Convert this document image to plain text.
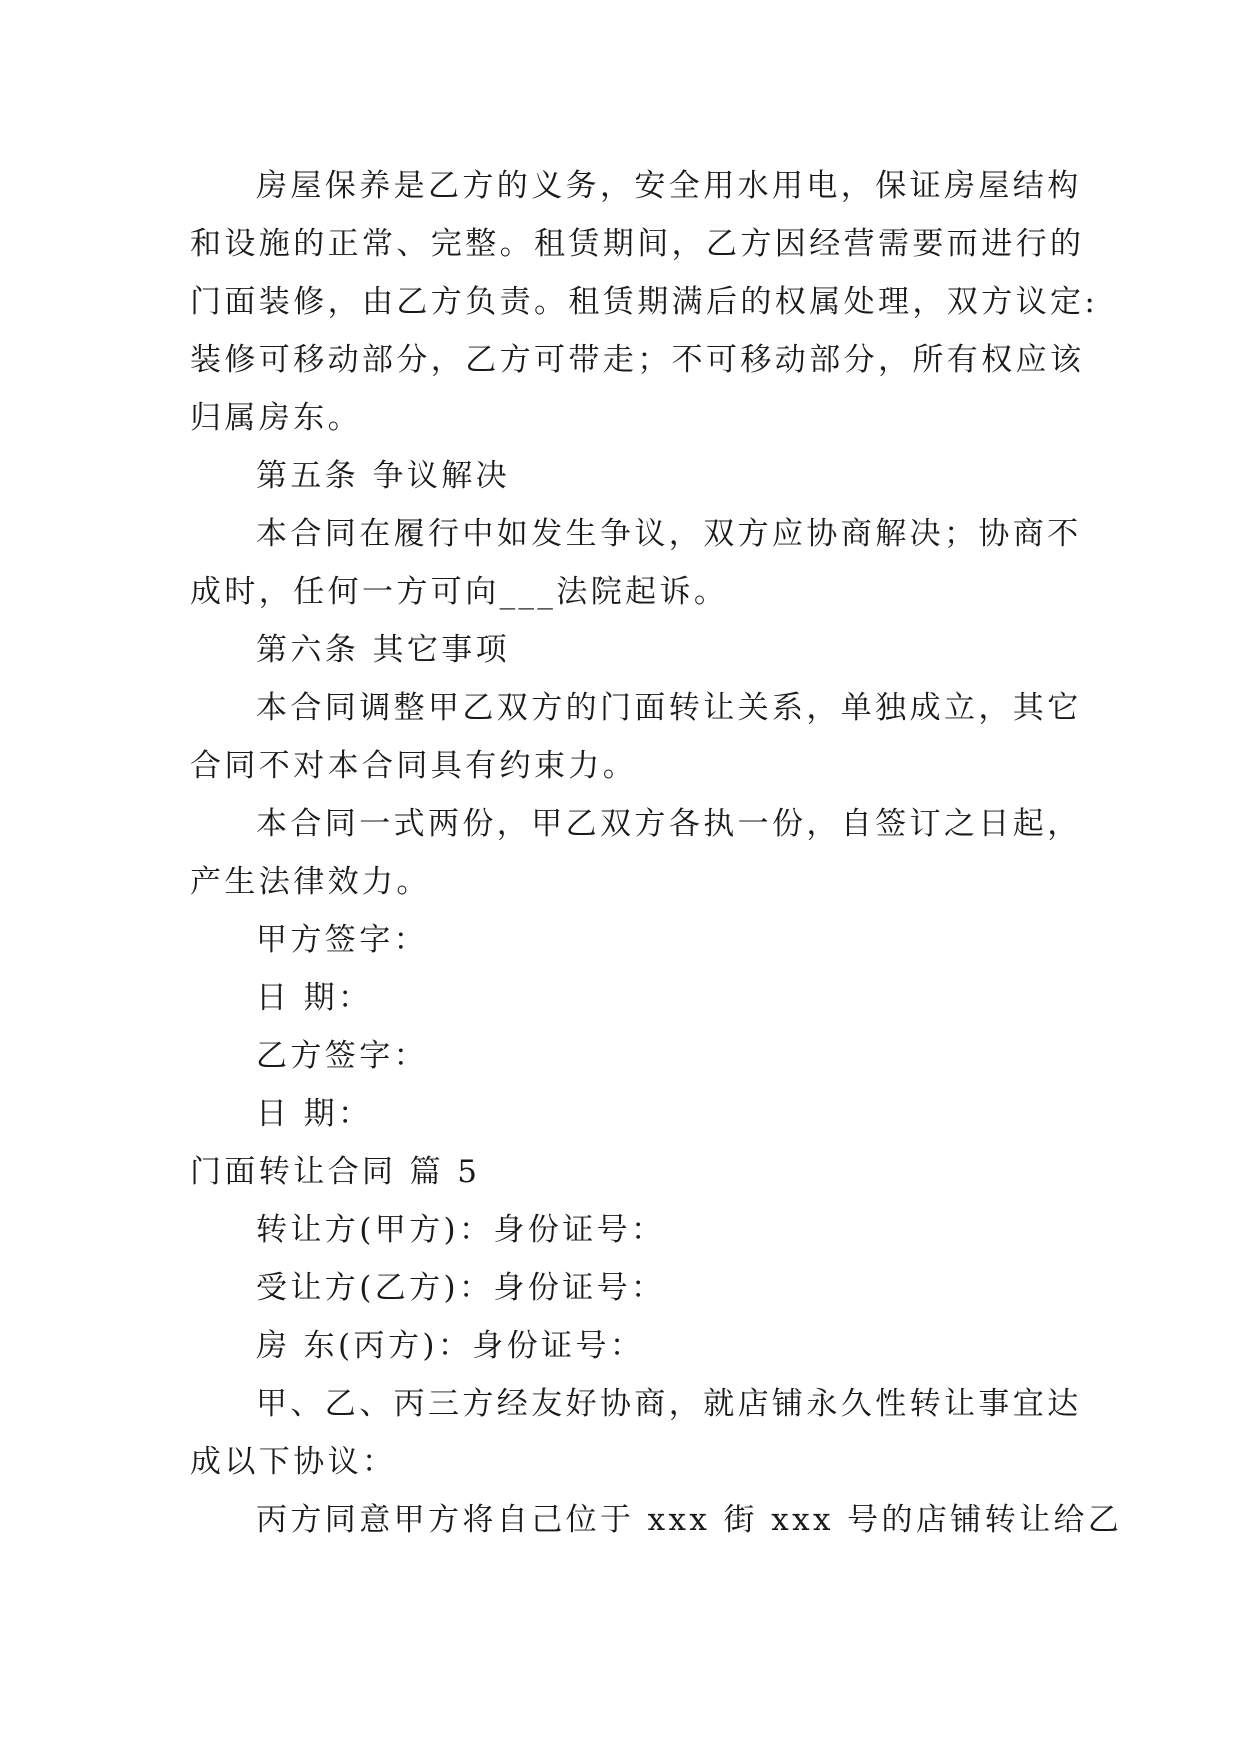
房屋保养是乙方的义务，安全用水用电，保证房屋结构
和设施的正常、完整。租赁期间，乙方因经营需要而进行的
门面装修，由乙方负责。租赁期满后的权属处理，双方议定:
装修可移动部分，乙方可带走；不可移动部分，所有权应该
归属房东。
第五条 争议解决
本合同在履行中如发生争议，双方应协商解决；协商不
成时，任何一方可向___法院起诉。
第六条 其它事项
本合同调整甲乙双方的门面转让关系，单独成立，其它
合同不对本合同具有约束力。
本合同一式两份，甲乙双方各执一份，自签订之日起，
产生法律效力。
甲方签字：
日 期：
乙方签字：
日 期：
门面转让合同 篇 5
转让方(甲方)：身份证号：
受让方(乙方)：身份证号：
房 东(丙方)：身份证号：
甲、乙、丙三方经友好协商，就店铺永久性转让事宜达
成以下协议：
丙方同意甲方将自己位于 xxx 街 xxx 号的店铺转让给乙
